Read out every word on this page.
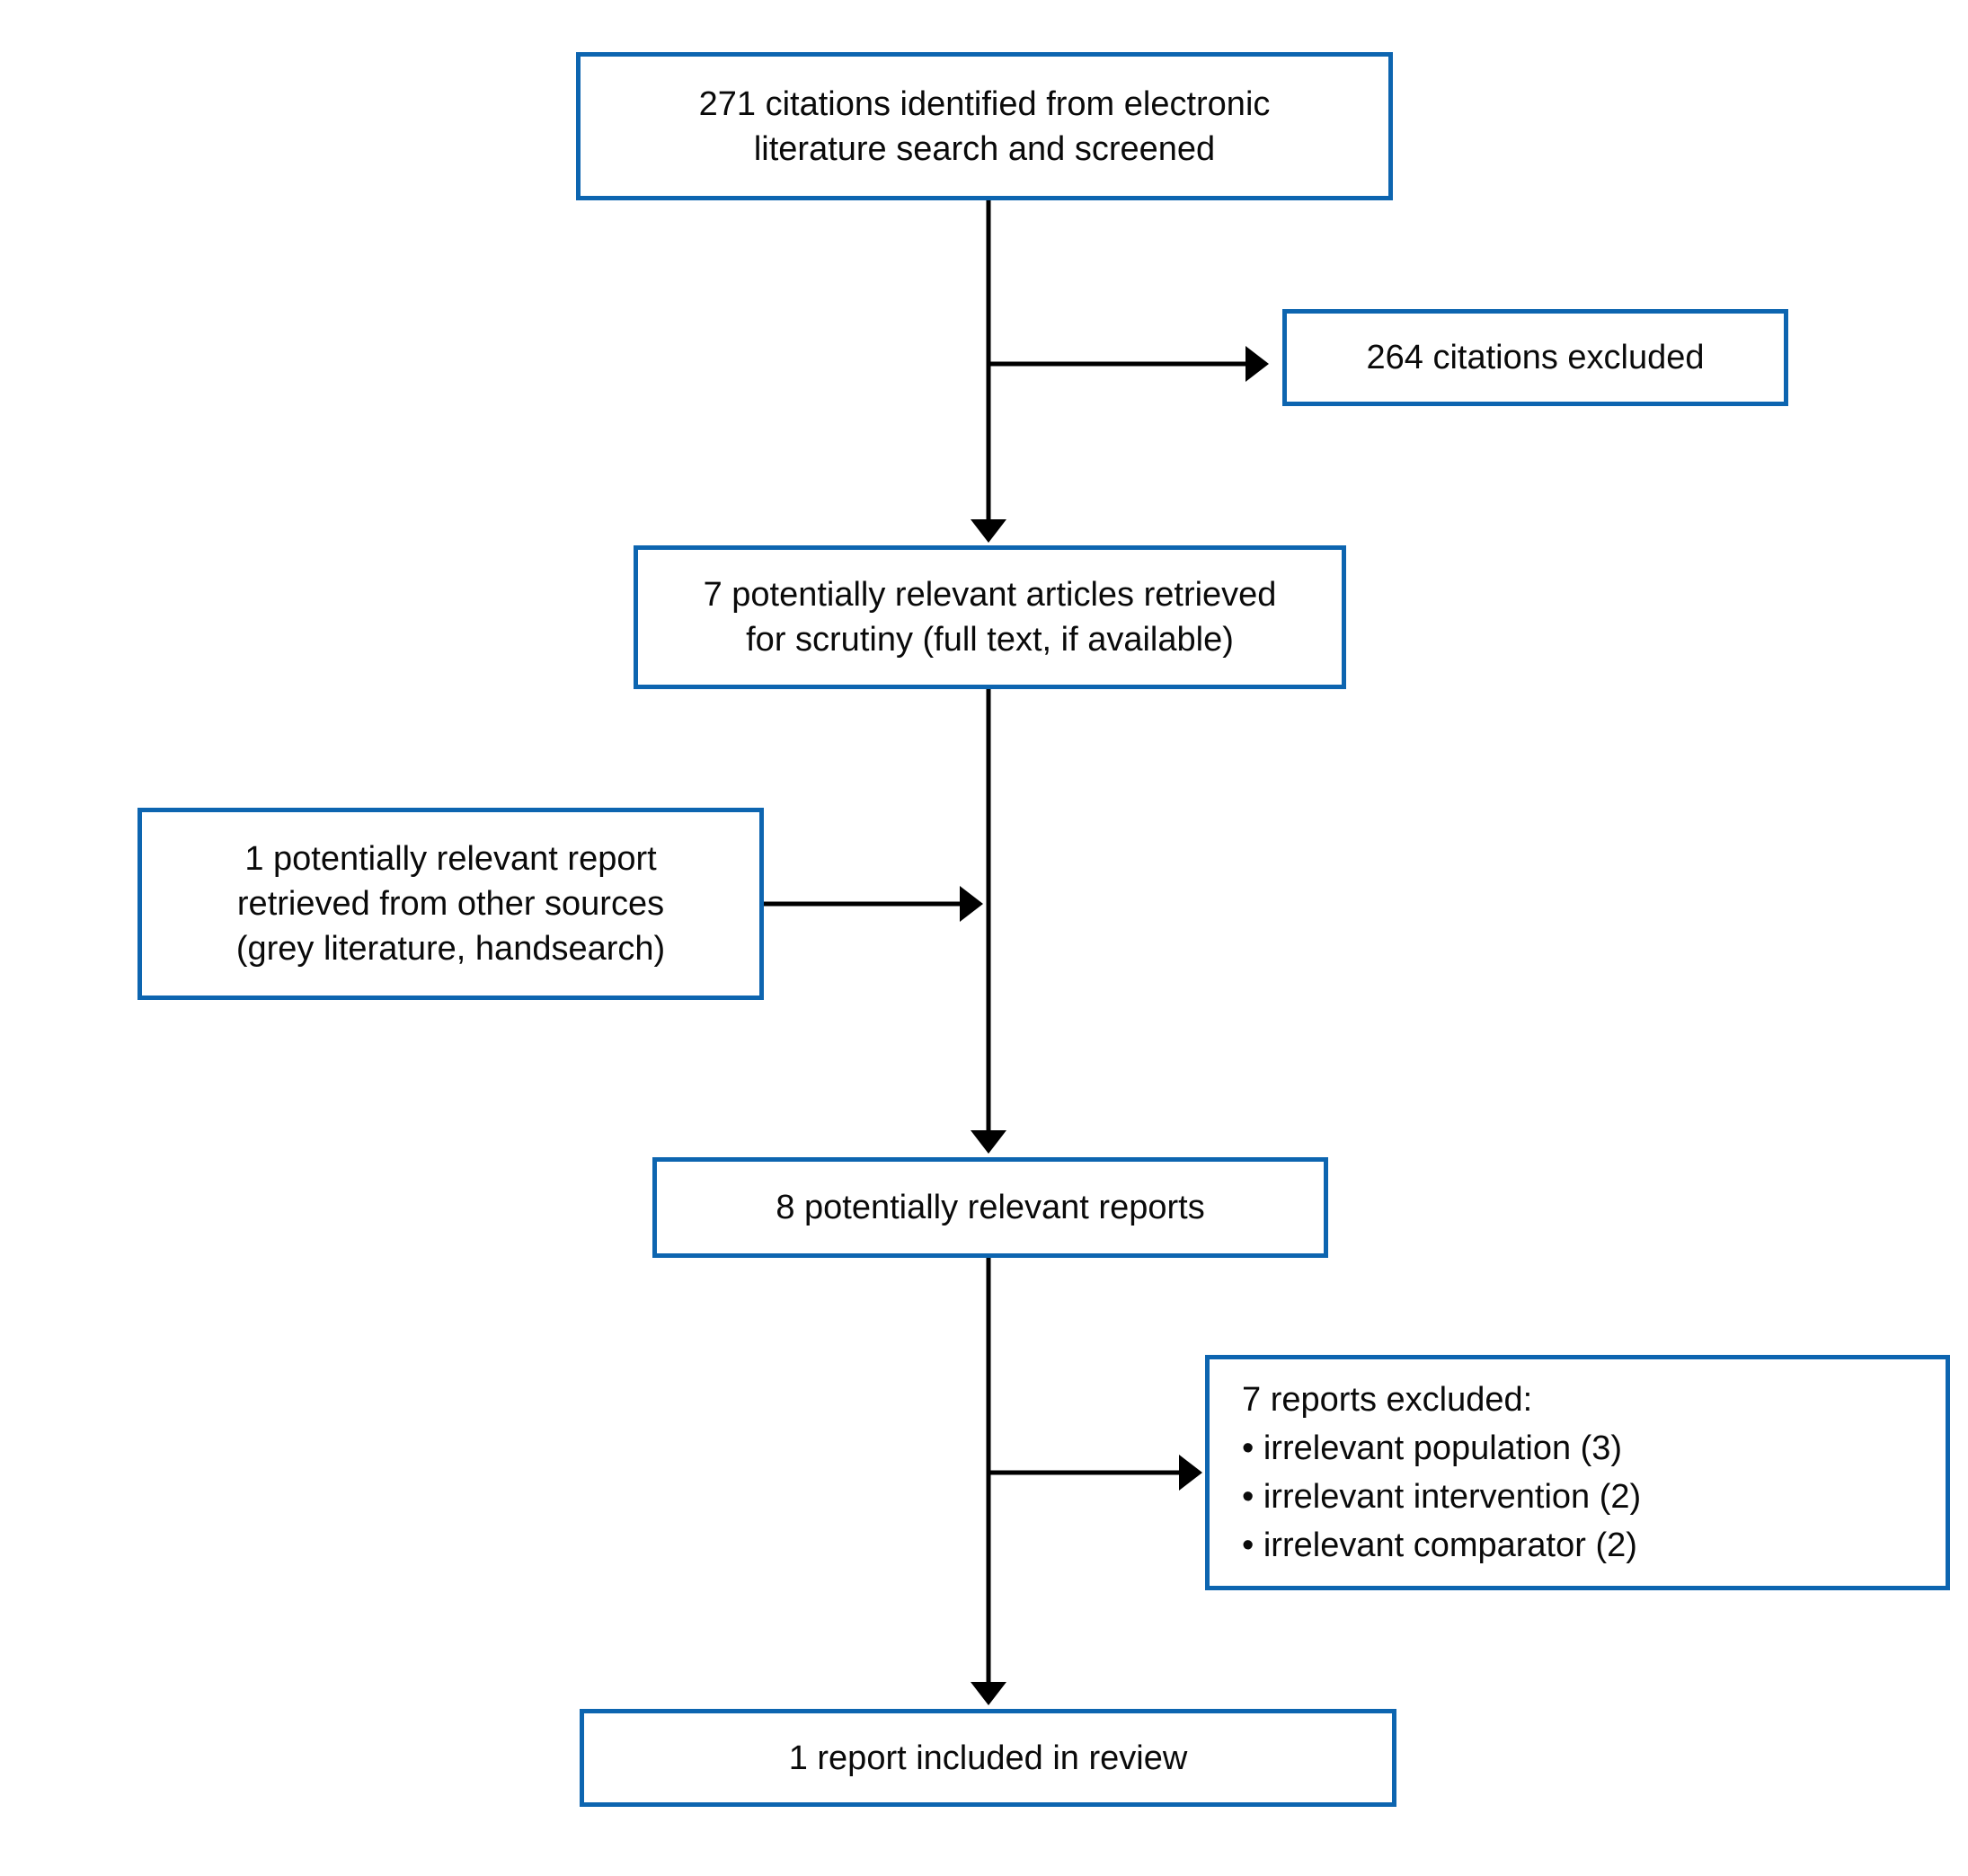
271 citations identified from electronic
literature search and screened
264 citations excluded
7 potentially relevant articles retrieved
for scrutiny (full text, if available)
1 potentially relevant report
retrieved from other sources
(grey literature, handsearch)
8 potentially relevant reports
7 reports excluded:
• irrelevant population (3)
• irrelevant intervention (2)
• irrelevant comparator (2)
1 report included in review
